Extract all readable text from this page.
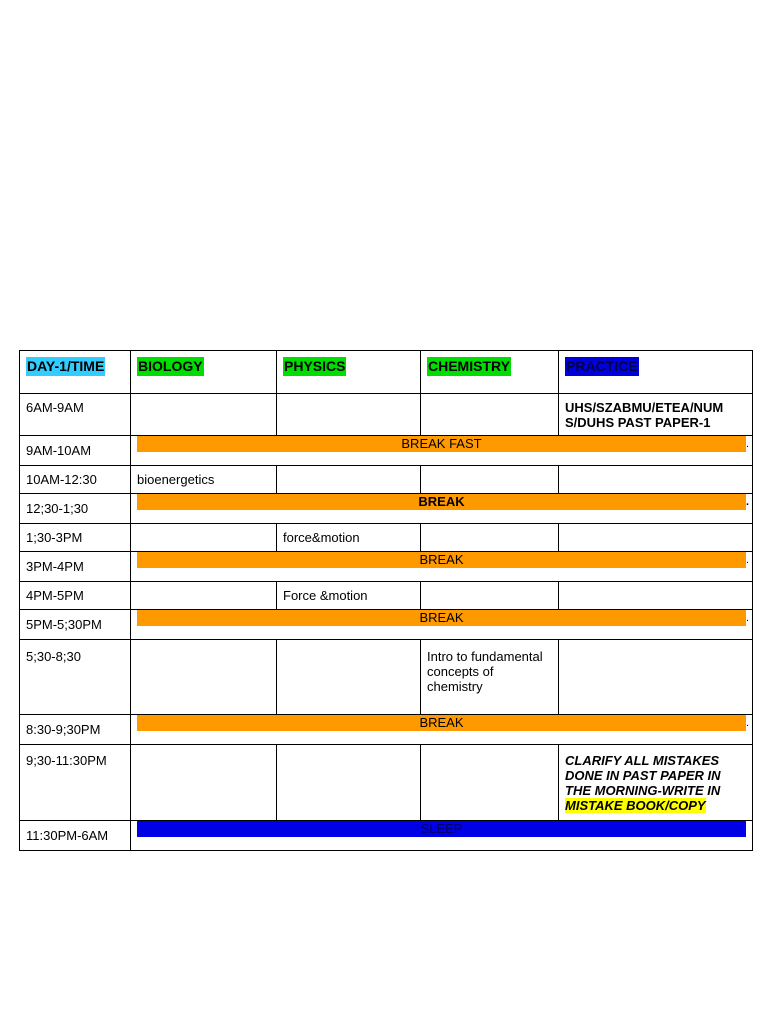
DAY-1/TIME	BIOLOGY	PHYSICS	CHEMISTRY	PRACTICE
6AM-9AM				UHS/SZABMU/ETEA/NUM S/DUHS PAST PAPER-1
9AM-10AM	BREAK FAST .			

10AM-12:30	bioenergetics			
12;30-1;30	BREAK .			

1;30-3PM		force&motion		
3PM-4PM	BREAK .			

4PM-5PM		Force &motion		
5PM-5;30PM	BREAK .			

5;30-8;30			Intro to fundamental concepts of chemistry	
8:30-9;30PM	BREAK .			

9;30-11:30PM				CLARIFY ALL MISTAKES DONE IN PAST PAPER IN THE MORNING-WRITE IN MISTAKE BOOK/COPY
11:30PM-6AM	SLEEP			
